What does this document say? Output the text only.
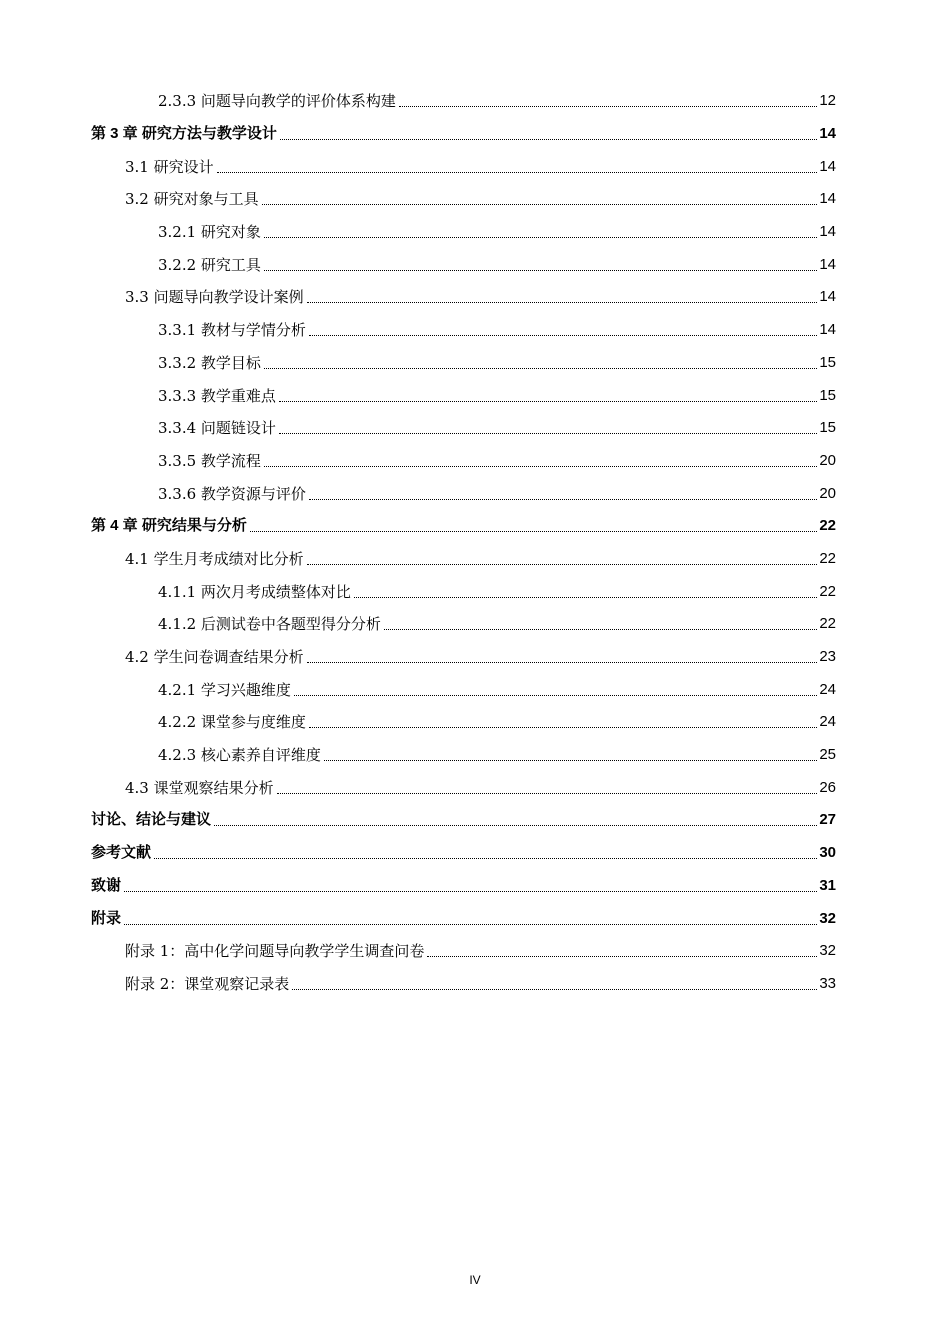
2.3.3 问题导向教学的评价体系构建	12
第 3 章 研究方法与教学设计	14
3.1 研究设计	14
3.2 研究对象与工具	14
3.2.1 研究对象	14
3.2.2 研究工具	14
3.3 问题导向教学设计案例	14
3.3.1 教材与学情分析	14
3.3.2 教学目标	15
3.3.3 教学重难点	15
3.3.4 问题链设计	15
3.3.5 教学流程	20
3.3.6 教学资源与评价	20
第 4 章 研究结果与分析	22
4.1 学生月考成绩对比分析	22
4.1.1 两次月考成绩整体对比	22
4.1.2 后测试卷中各题型得分分析	22
4.2 学生问卷调查结果分析	23
4.2.1 学习兴趣维度	24
4.2.2 课堂参与度维度	24
4.2.3 核心素养自评维度	25
4.3 课堂观察结果分析	26
讨论、结论与建议	27
参考文献	30
致谢	31
附录	32
附录 1：高中化学问题导向教学学生调查问卷	32
附录 2：课堂观察记录表	33
IV
